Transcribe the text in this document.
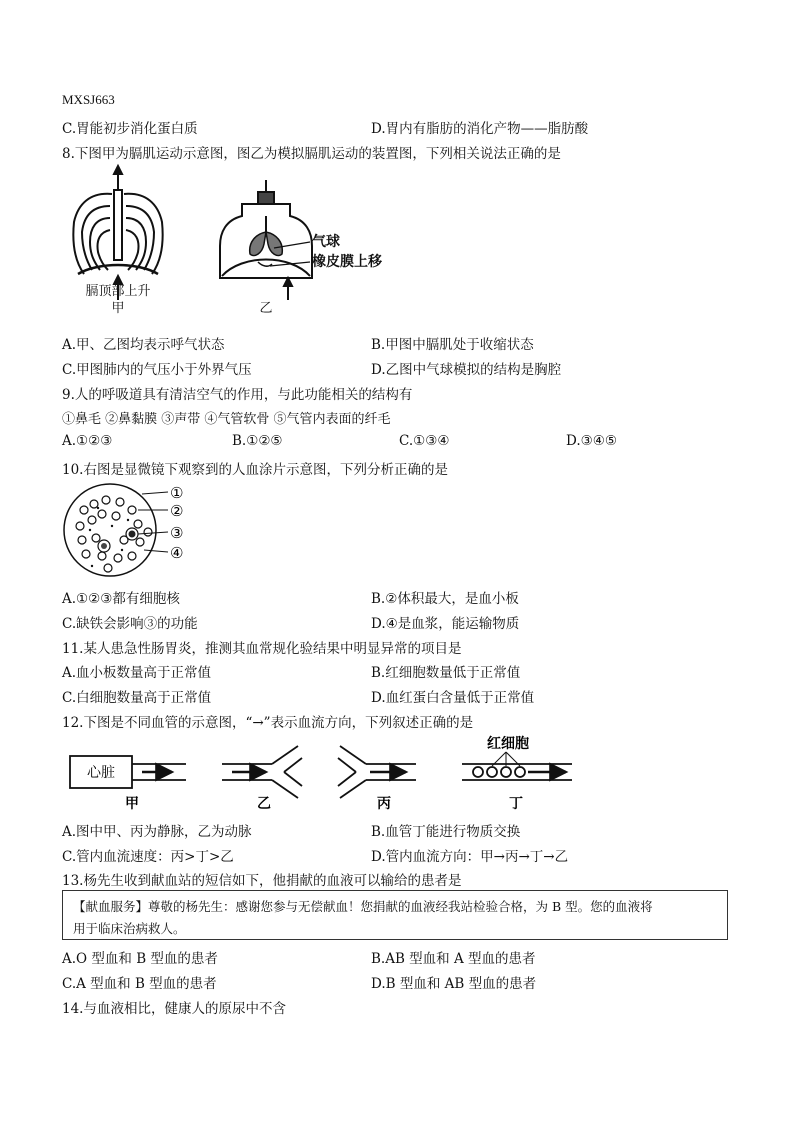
MXSJ663
C.胃能初步消化蛋白质	D.胃内有脂肪的消化产物——脂肪酸
8.下图甲为膈肌运动示意图，图乙为模拟膈肌运动的装置图，下列相关说法正确的是
膈顶部上升
甲
气球
橡皮膜上移
乙
A.甲、乙图均表示呼气状态	B.甲图中膈肌处于收缩状态
C.甲图肺内的气压小于外界气压	D.乙图中气球模拟的结构是胸腔
9.人的呼吸道具有清洁空气的作用，与此功能相关的结构有
①鼻毛 ②鼻黏膜 ③声带 ④气管软骨 ⑤气管内表面的纤毛
A.①②③	B.①②⑤	C.①③④	D.③④⑤
10.右图是显微镜下观察到的人血涂片示意图，下列分析正确的是
①
②
③
④
A.①②③都有细胞核	B.②体积最大，是血小板
C.缺铁会影响③的功能	D.④是血浆，能运输物质
11.某人患急性肠胃炎，推测其血常规化验结果中明显异常的项目是
A.血小板数量高于正常值	B.红细胞数量低于正常值
C.白细胞数量高于正常值	D.血红蛋白含量低于正常值
12.下图是不同血管的示意图，“→”表示血流方向，下列叙述正确的是
心脏
甲	乙	丙
红细胞
丁
A.图中甲、丙为静脉，乙为动脉	B.血管丁能进行物质交换
C.管内血流速度：丙>丁>乙	D.管内血流方向：甲→丙→丁→乙
13.杨先生收到献血站的短信如下，他捐献的血液可以输给的患者是
【献血服务】尊敬的杨先生：感谢您参与无偿献血！您捐献的血液经我站检验合格，为 B 型。您的血液将
用于临床治病救人。
A.O 型血和 B 型血的患者	B.AB 型血和 A 型血的患者
C.A 型血和 B 型血的患者	D.B 型血和 AB 型血的患者
14.与血液相比，健康人的原尿中不含
